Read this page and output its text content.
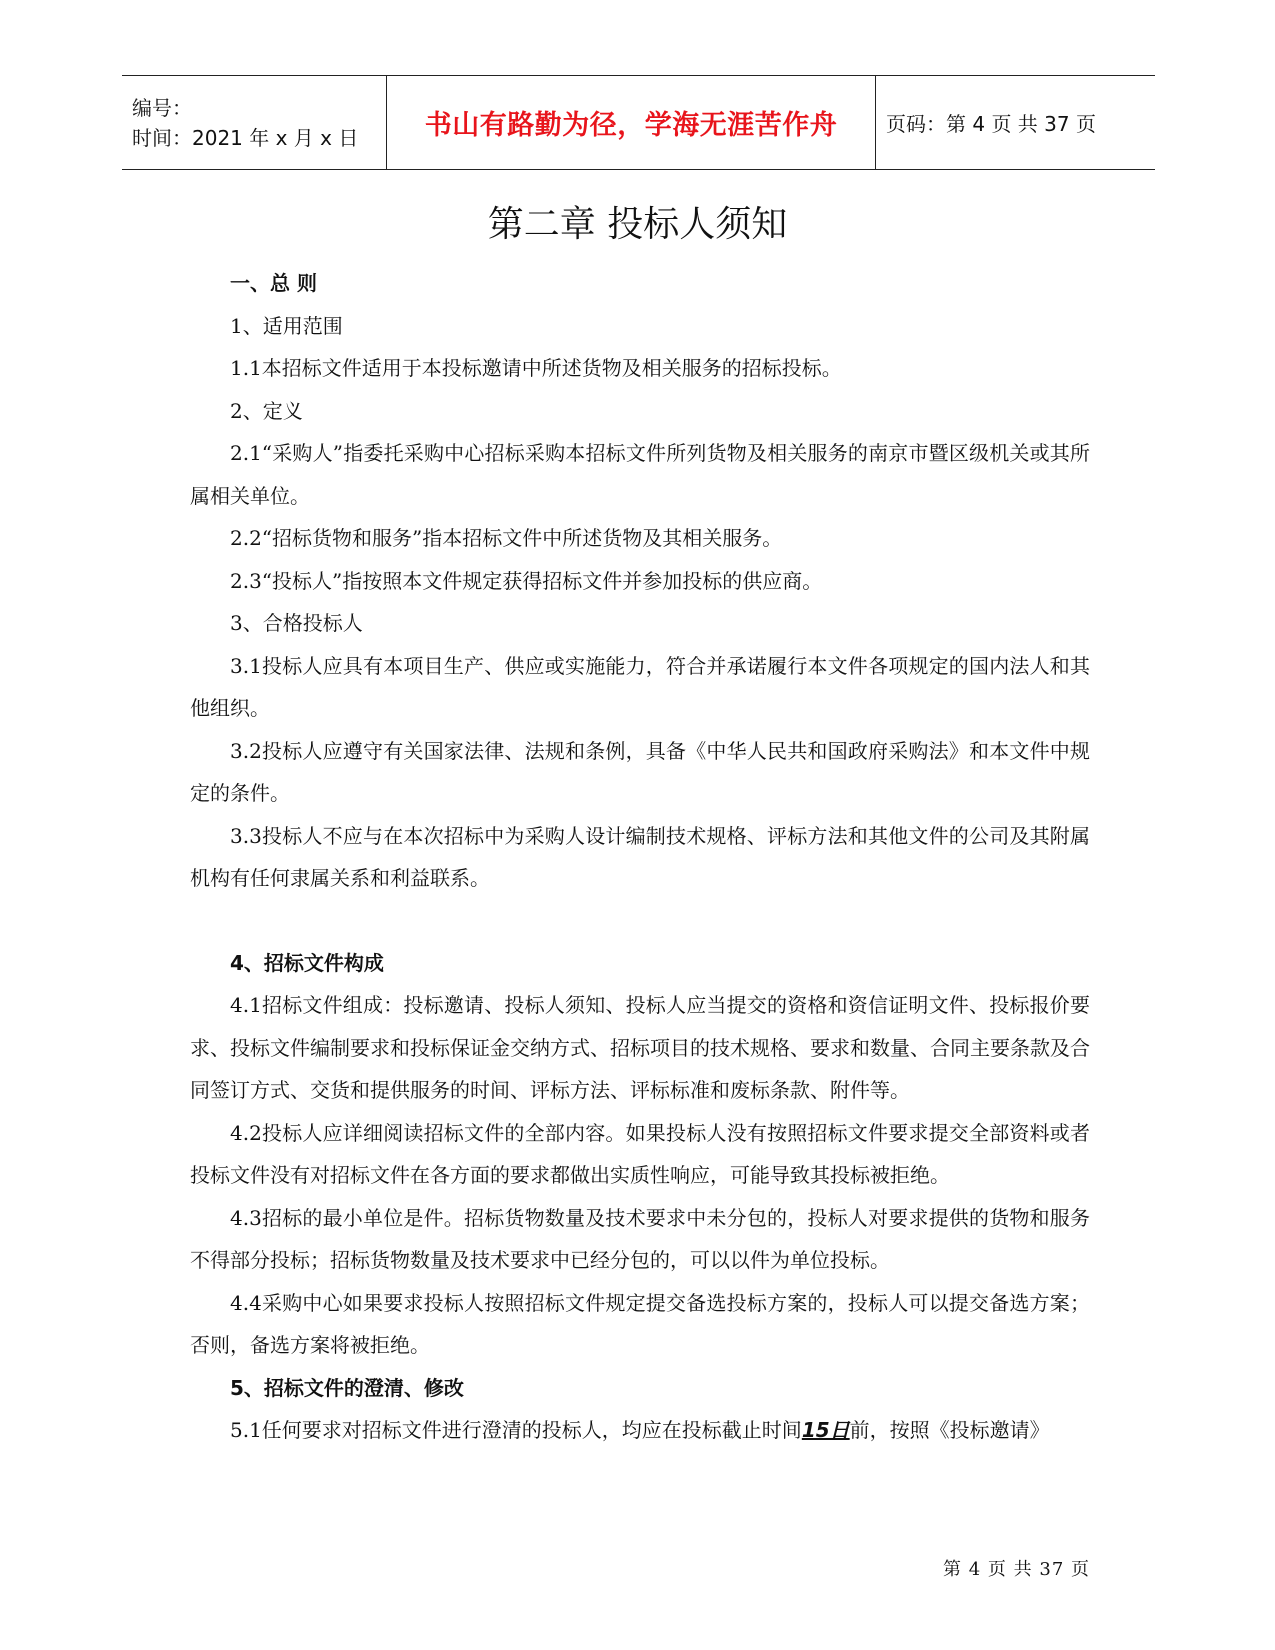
编号：
时间：2021 年 x 月 x 日	书山有路勤为径，学海无涯苦作舟	页码：第 4 页 共 37 页
第二章 投标人须知

一、总 则

1、适用范围

1.1本招标文件适用于本投标邀请中所述货物及相关服务的招标投标。

2、定义

2.1“采购人”指委托采购中心招标采购本招标文件所列货物及相关服务的南京市暨区级机关或其所属相关单位。

2.2“招标货物和服务”指本招标文件中所述货物及其相关服务。

2.3“投标人”指按照本文件规定获得招标文件并参加投标的供应商。

3、合格投标人

3.1投标人应具有本项目生产、供应或实施能力，符合并承诺履行本文件各项规定的国内法人和其他组织。

3.2投标人应遵守有关国家法律、法规和条例，具备《中华人民共和国政府采购法》和本文件中规定的条件。

3.3投标人不应与在本次招标中为采购人设计编制技术规格、评标方法和其他文件的公司及其附属机构有任何隶属关系和利益联系。

4、招标文件构成

4.1招标文件组成：投标邀请、投标人须知、投标人应当提交的资格和资信证明文件、投标报价要求、投标文件编制要求和投标保证金交纳方式、招标项目的技术规格、要求和数量、合同主要条款及合同签订方式、交货和提供服务的时间、评标方法、评标标准和废标条款、附件等。

4.2投标人应详细阅读招标文件的全部内容。如果投标人没有按照招标文件要求提交全部资料或者投标文件没有对招标文件在各方面的要求都做出实质性响应，可能导致其投标被拒绝。

4.3招标的最小单位是件。招标货物数量及技术要求中未分包的，投标人对要求提供的货物和服务不得部分投标；招标货物数量及技术要求中已经分包的，可以以件为单位投标。

4.4采购中心如果要求投标人按照招标文件规定提交备选投标方案的，投标人可以提交备选方案；否则，备选方案将被拒绝。

5、招标文件的澄清、修改

5.1任何要求对招标文件进行澄清的投标人，均应在投标截止时间15日前，按照《投标邀请》

第 4 页 共 37 页
